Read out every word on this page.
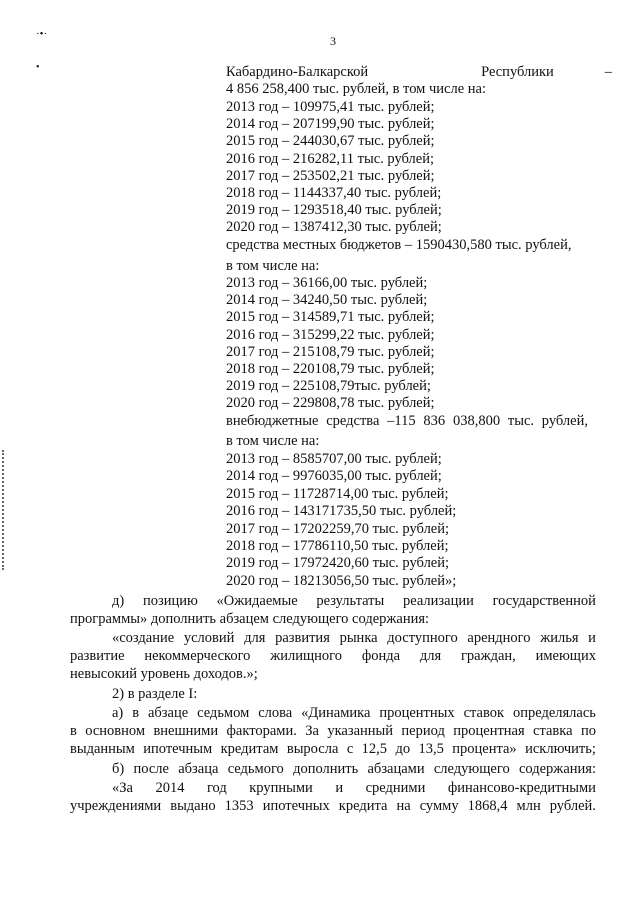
3
·•·
•	Кабардино-Балкарской	Республики	–
4 856 258,400 тыс. рублей, в том числе на:
средства местных бюджетов – 1590430,580 тыс. рублей,
в том числе на:
внебюджетные средства –115 836 038,800 тыс. рублей,
в том числе на:
2013 год – 109975,41 тыс. рублей;
2014 год – 207199,90 тыс. рублей;
2015 год – 244030,67 тыс. рублей;
2016 год – 216282,11 тыс. рублей;
2017 год – 253502,21 тыс. рублей;
2018 год – 1144337,40 тыс. рублей;
2019 год – 1293518,40 тыс. рублей;
2020 год – 1387412,30 тыс. рублей;
2013 год – 36166,00 тыс. рублей;
2014 год – 34240,50 тыс. рублей;
2015 год – 314589,71 тыс. рублей;
2016 год – 315299,22 тыс. рублей;
2017 год – 215108,79 тыс. рублей;
2018 год – 220108,79 тыс. рублей;
2019 год – 225108,79тыс. рублей;
2020 год – 229808,78 тыс. рублей;
2013 год – 8585707,00 тыс. рублей;
2014 год – 9976035,00 тыс. рублей;
2015 год – 11728714,00 тыс. рублей;
2016 год – 143171735,50 тыс. рублей;
2017 год – 17202259,70 тыс. рублей;
2018 год – 17786110,50 тыс. рублей;
2019 год – 17972420,60 тыс. рублей;
2020 год – 18213056,50 тыс. рублей»;
д) позицию «Ожидаемые результаты реализации государственной
программы» дополнить абзацем следующего содержания:
«создание условий для развития рынка доступного арендного жилья и
развитие некоммерческого жилищного фонда для граждан, имеющих
невысокий уровень доходов.»;
2) в разделе I:
а) в абзаце седьмом слова «Динамика процентных ставок определялась
в основном внешними факторами. За указанный период процентная ставка по
выданным ипотечным кредитам выросла с 12,5 до 13,5 процента» исключить;
б) после абзаца седьмого дополнить абзацами следующего содержания:
«За 2014 год крупными и средними финансово-кредитными
учреждениями выдано 1353 ипотечных кредита на сумму 1868,4 млн рублей.
